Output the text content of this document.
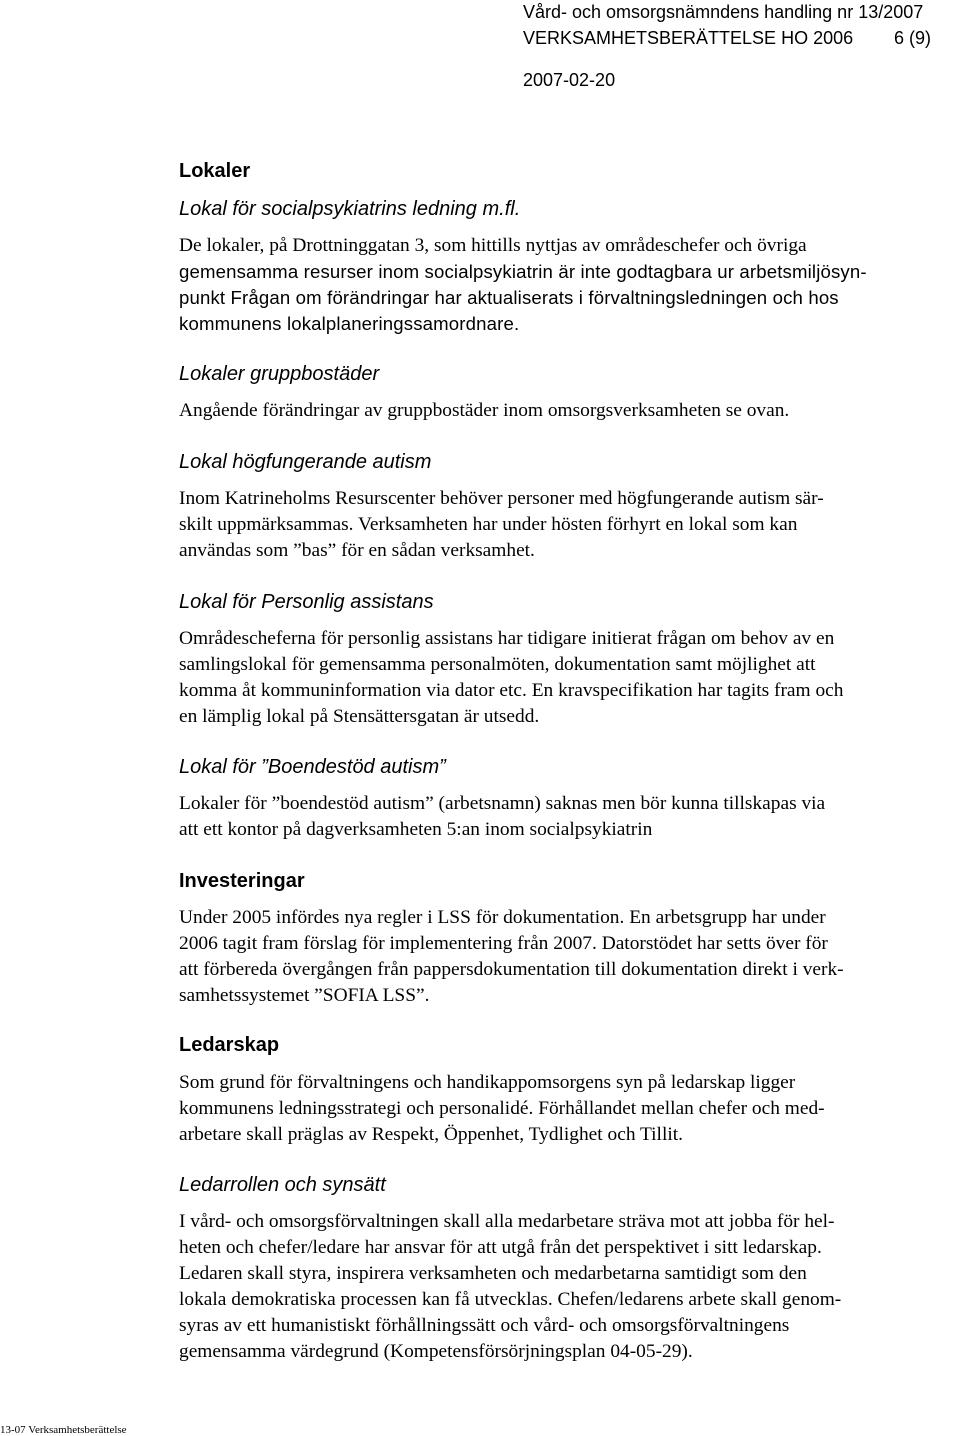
Vård- och omsorgsnämndens handling nr 13/2007
VERKSAMHETSBERÄTTELSE HO 2006 6 (9)
2007-02-20
Lokaler
Lokal för socialpsykiatrins ledning m.fl.
De lokaler, på Drottninggatan 3, som hittills nyttjas av områdeschefer och övriga
gemensamma resurser inom socialpsykiatrin är inte godtagbara ur arbetsmiljösyn-
punkt Frågan om förändringar har aktualiserats i förvaltningsledningen och hos
kommunens lokalplaneringssamordnare.
Lokaler gruppbostäder
Angående förändringar av gruppbostäder inom omsorgsverksamheten se ovan.
Lokal högfungerande autism
Inom Katrineholms Resurscenter behöver personer med högfungerande autism sär-
skilt uppmärksammas. Verksamheten har under hösten förhyrt en lokal som kan
användas som ”bas” för en sådan verksamhet.
Lokal för Personlig assistans
Områdescheferna för personlig assistans har tidigare initierat frågan om behov av en
samlingslokal för gemensamma personalmöten, dokumentation samt möjlighet att
komma åt kommuninformation via dator etc. En kravspecifikation har tagits fram och
en lämplig lokal på Stensättersgatan är utsedd.
Lokal för ”Boendestöd autism”
Lokaler för ”boendestöd autism” (arbetsnamn) saknas men bör kunna tillskapas via
att ett kontor på dagverksamheten 5:an inom socialpsykiatrin
Investeringar
Under 2005 infördes nya regler i LSS för dokumentation. En arbetsgrupp har under
2006 tagit fram förslag för implementering från 2007. Datorstödet har setts över för
att förbereda övergången från pappersdokumentation till dokumentation direkt i verk-
samhetssystemet ”SOFIA LSS”.
Ledarskap
Som grund för förvaltningens och handikappomsorgens syn på ledarskap ligger
kommunens ledningsstrategi och personalidé. Förhållandet mellan chefer och med-
arbetare skall präglas av Respekt, Öppenhet, Tydlighet och Tillit.
Ledarrollen och synsätt
I vård- och omsorgsförvaltningen skall alla medarbetare sträva mot att jobba för hel-
heten och chefer/ledare har ansvar för att utgå från det perspektivet i sitt ledarskap.
Ledaren skall styra, inspirera verksamheten och medarbetarna samtidigt som den
lokala demokratiska processen kan få utvecklas. Chefen/ledarens arbete skall genom-
syras av ett humanistiskt förhållningssätt och vård- och omsorgsförvaltningens
gemensamma värdegrund (Kompetensförsörjningsplan 04-05-29).
13-07 Verksamhetsberättelse
